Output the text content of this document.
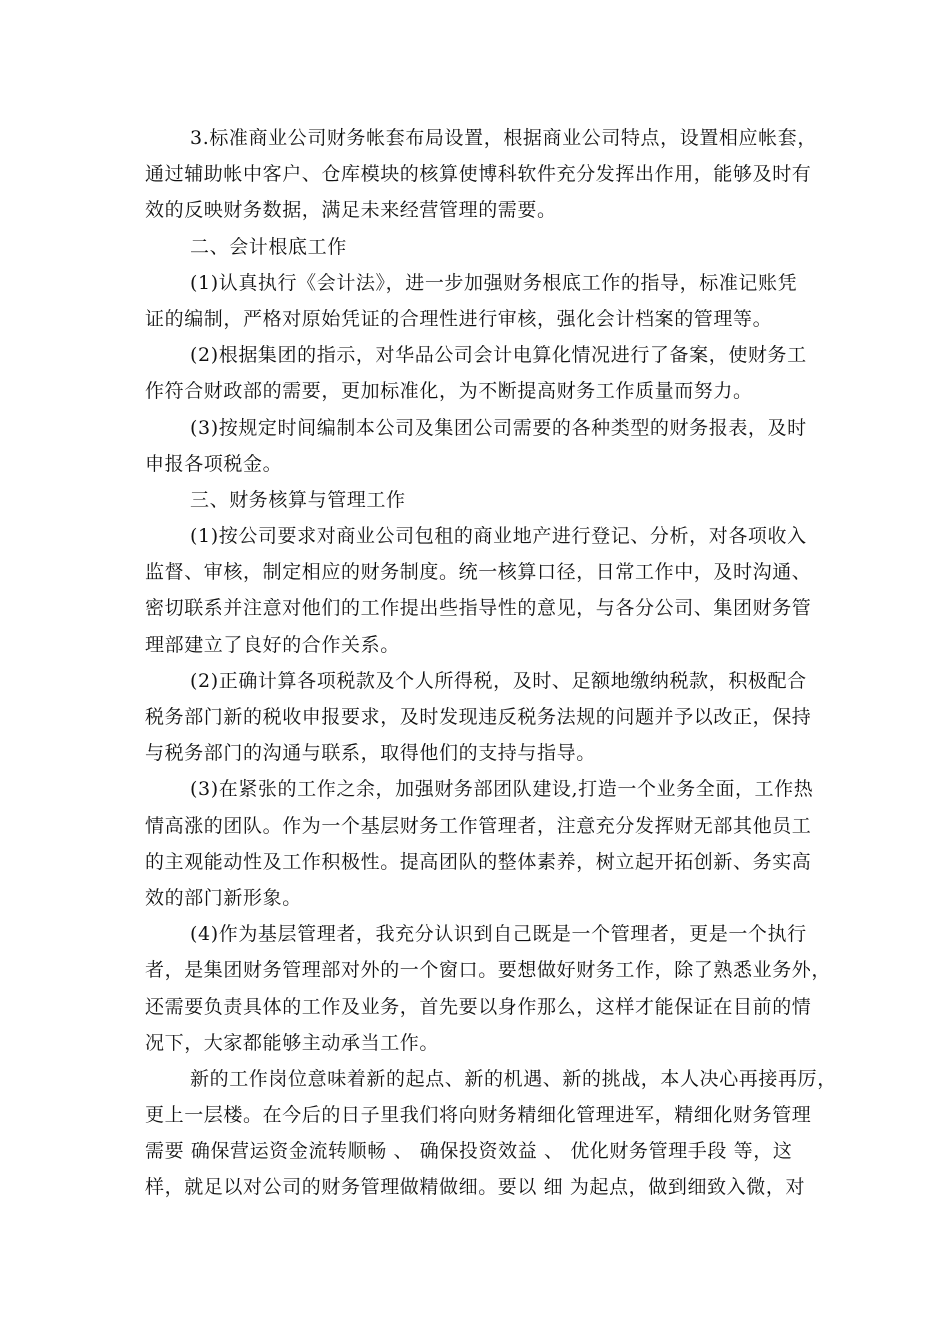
3.标准商业公司财务帐套布局设置，根据商业公司特点，设置相应帐套，
通过辅助帐中客户、仓库模块的核算使博科软件充分发挥出作用，能够及时有
效的反映财务数据，满足未来经营管理的需要。
二、会计根底工作
(1)认真执行《会计法》，进一步加强财务根底工作的指导，标准记账凭
证的编制，严格对原始凭证的合理性进行审核，强化会计档案的管理等。
(2)根据集团的指示，对华品公司会计电算化情况进行了备案，使财务工
作符合财政部的需要，更加标准化，为不断提高财务工作质量而努力。
(3)按规定时间编制本公司及集团公司需要的各种类型的财务报表，及时
申报各项税金。
三、财务核算与管理工作
(1)按公司要求对商业公司包租的商业地产进行登记、分析，对各项收入
监督、审核，制定相应的财务制度。统一核算口径，日常工作中，及时沟通、
密切联系并注意对他们的工作提出些指导性的意见，与各分公司、集团财务管
理部建立了良好的合作关系。
(2)正确计算各项税款及个人所得税，及时、足额地缴纳税款，积极配合
税务部门新的税收申报要求，及时发现违反税务法规的问题并予以改正，保持
与税务部门的沟通与联系，取得他们的支持与指导。
(3)在紧张的工作之余，加强财务部团队建设,打造一个业务全面，工作热
情高涨的团队。作为一个基层财务工作管理者，注意充分发挥财无部其他员工
的主观能动性及工作积极性。提高团队的整体素养，树立起开拓创新、务实高
效的部门新形象。
(4)作为基层管理者，我充分认识到自己既是一个管理者，更是一个执行
者，是集团财务管理部对外的一个窗口。要想做好财务工作，除了熟悉业务外，
还需要负责具体的工作及业务，首先要以身作那么，这样才能保证在目前的情
况下，大家都能够主动承当工作。
新的工作岗位意味着新的起点、新的机遇、新的挑战，本人决心再接再厉，
更上一层楼。在今后的日子里我们将向财务精细化管理进军，精细化财务管理
需要 确保营运资金流转顺畅 、 确保投资效益 、 优化财务管理手段 等，这
样，就足以对公司的财务管理做精做细。要以 细 为起点，做到细致入微，对
